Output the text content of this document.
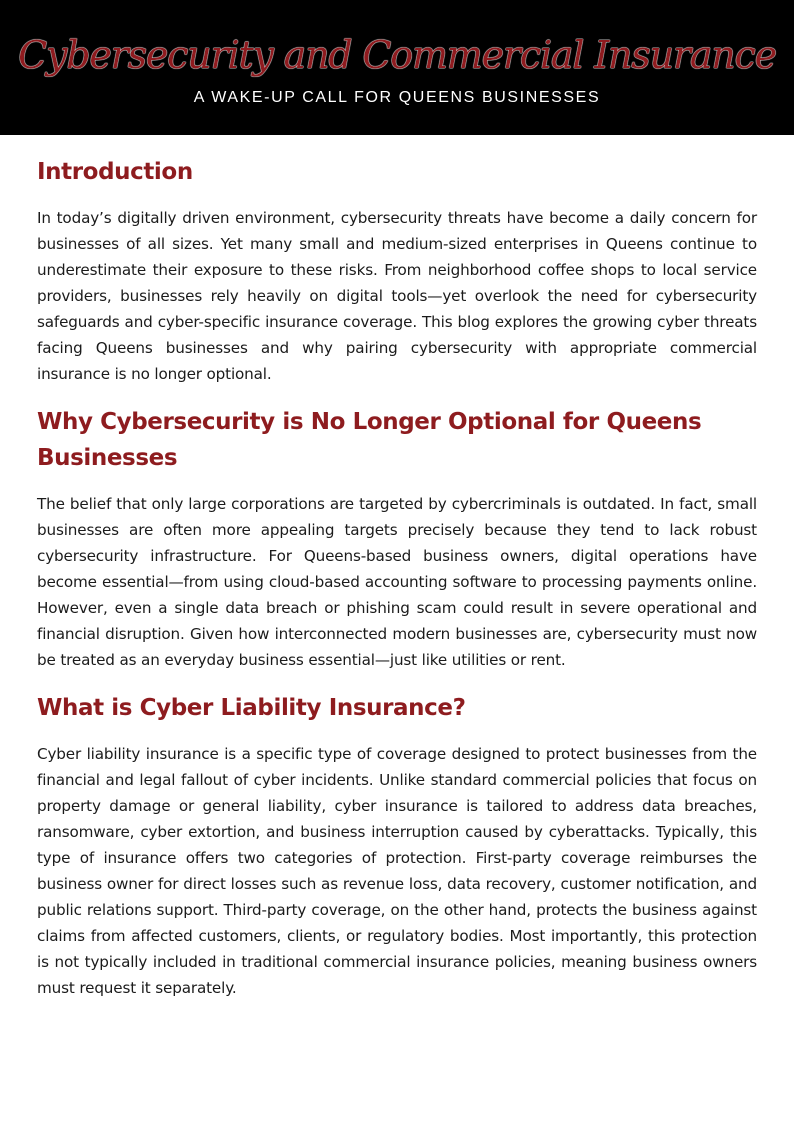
Cybersecurity and Commercial Insurance
A WAKE-UP CALL FOR QUEENS BUSINESSES
Introduction

In today’s digitally driven environment, cybersecurity threats have become a daily concern for businesses of all sizes. Yet many small and medium-sized enterprises in Queens continue to underestimate their exposure to these risks. From neighborhood coffee shops to local service providers, businesses rely heavily on digital tools—yet overlook the need for cybersecurity safeguards and cyber-specific insurance coverage. This blog explores the growing cyber threats facing Queens businesses and why pairing cybersecurity with appropriate commercial insurance is no longer optional.

Why Cybersecurity is No Longer Optional for Queens Businesses

The belief that only large corporations are targeted by cybercriminals is outdated. In fact, small businesses are often more appealing targets precisely because they tend to lack robust cybersecurity infrastructure. For Queens-based business owners, digital operations have become essential—from using cloud-based accounting software to processing payments online. However, even a single data breach or phishing scam could result in severe operational and financial disruption. Given how interconnected modern businesses are, cybersecurity must now be treated as an everyday business essential—just like utilities or rent.

What is Cyber Liability Insurance?

Cyber liability insurance is a specific type of coverage designed to protect businesses from the financial and legal fallout of cyber incidents. Unlike standard commercial policies that focus on property damage or general liability, cyber insurance is tailored to address data breaches, ransomware, cyber extortion, and business interruption caused by cyberattacks. Typically, this type of insurance offers two categories of protection. First-party coverage reimburses the business owner for direct losses such as revenue loss, data recovery, customer notification, and public relations support. Third-party coverage, on the other hand, protects the business against claims from affected customers, clients, or regulatory bodies. Most importantly, this protection is not typically included in traditional commercial insurance policies, meaning business owners must request it separately.
